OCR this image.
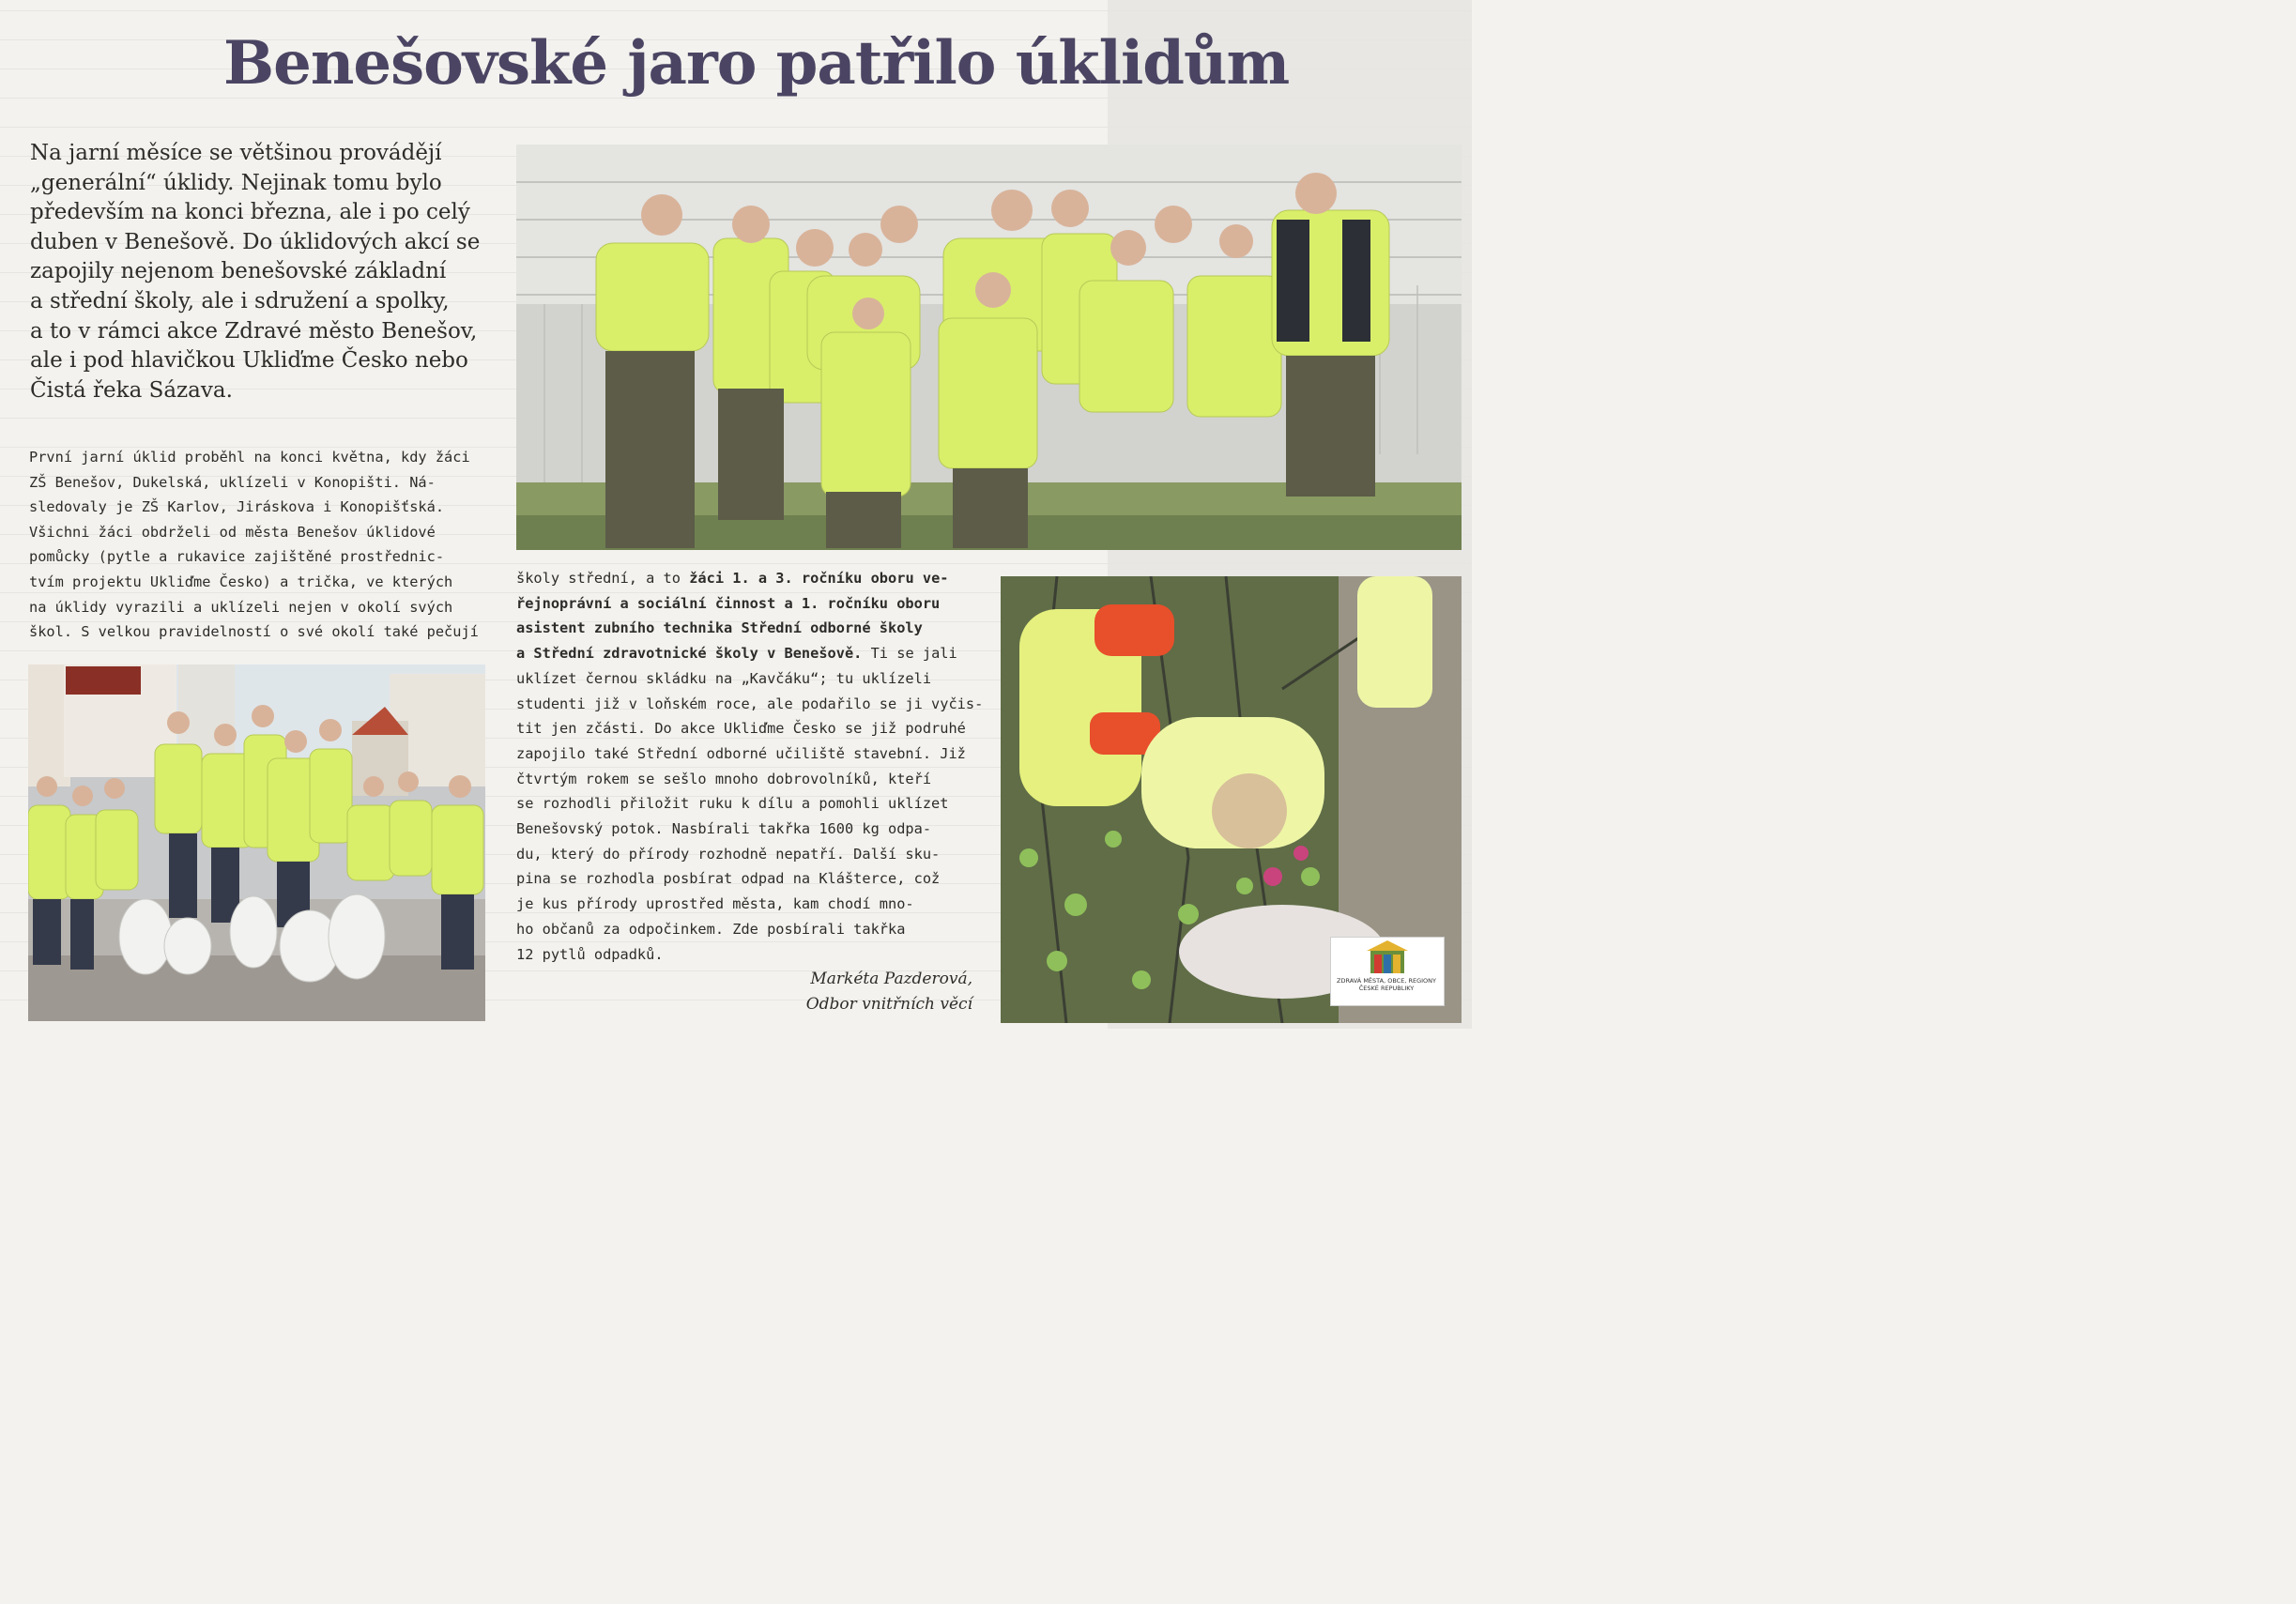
Benešovské jaro patřilo úklidům
Na jarní měsíce se většinou provádějí
„generální“ úklidy. Nejinak tomu bylo
především na konci března, ale i po celý
duben v Benešově. Do úklidových akcí se
zapojily nejenom benešovské základní
a střední školy, ale i sdružení a spolky,
a to v rámci akce Zdravé město Benešov,
ale i pod hlavičkou Ukliďme Česko nebo
Čistá řeka Sázava.
První jarní úklid proběhl na konci května, kdy žáci
ZŠ Benešov, Dukelská, uklízeli v Konopišti. Ná-
sledovaly je ZŠ Karlov, Jiráskova i Konopišťská.
Všichni žáci obdrželi od města Benešov úklidové
pomůcky (pytle a rukavice zajištěné prostřednic-
tvím projektu Ukliďme Česko) a trička, ve kterých
na úklidy vyrazili a uklízeli nejen v okolí svých
škol. S velkou pravidelností o své okolí také pečují
školy střední, a to žáci 1. a 3. ročníku oboru ve-
řejnoprávní a sociální činnost a 1. ročníku oboru
asistent zubního technika Střední odborné školy
a Střední zdravotnické školy v Benešově. Ti se jali
uklízet černou skládku na „Kavčáku“; tu uklízeli
studenti již v loňském roce, ale podařilo se ji vyčis-
tit jen zčásti. Do akce Ukliďme Česko se již podruhé
zapojilo také Střední odborné učiliště stavební. Již
čtvrtým rokem se sešlo mnoho dobrovolníků, kteří
se rozhodli přiložit ruku k dílu a pomohli uklízet
Benešovský potok. Nasbírali takřka 1600 kg odpa-
du, který do přírody rozhodně nepatří. Další sku-
pina se rozhodla posbírat odpad na Klášterce, což
je kus přírody uprostřed města, kam chodí mno-
ho občanů za odpočinkem. Zde posbírali takřka
12 pytlů odpadků.
Markéta Pazderová,
Odbor vnitřních věcí
ZDRAVÁ MĚSTA, OBCE, REGIONY
ČESKÉ REPUBLIKY
